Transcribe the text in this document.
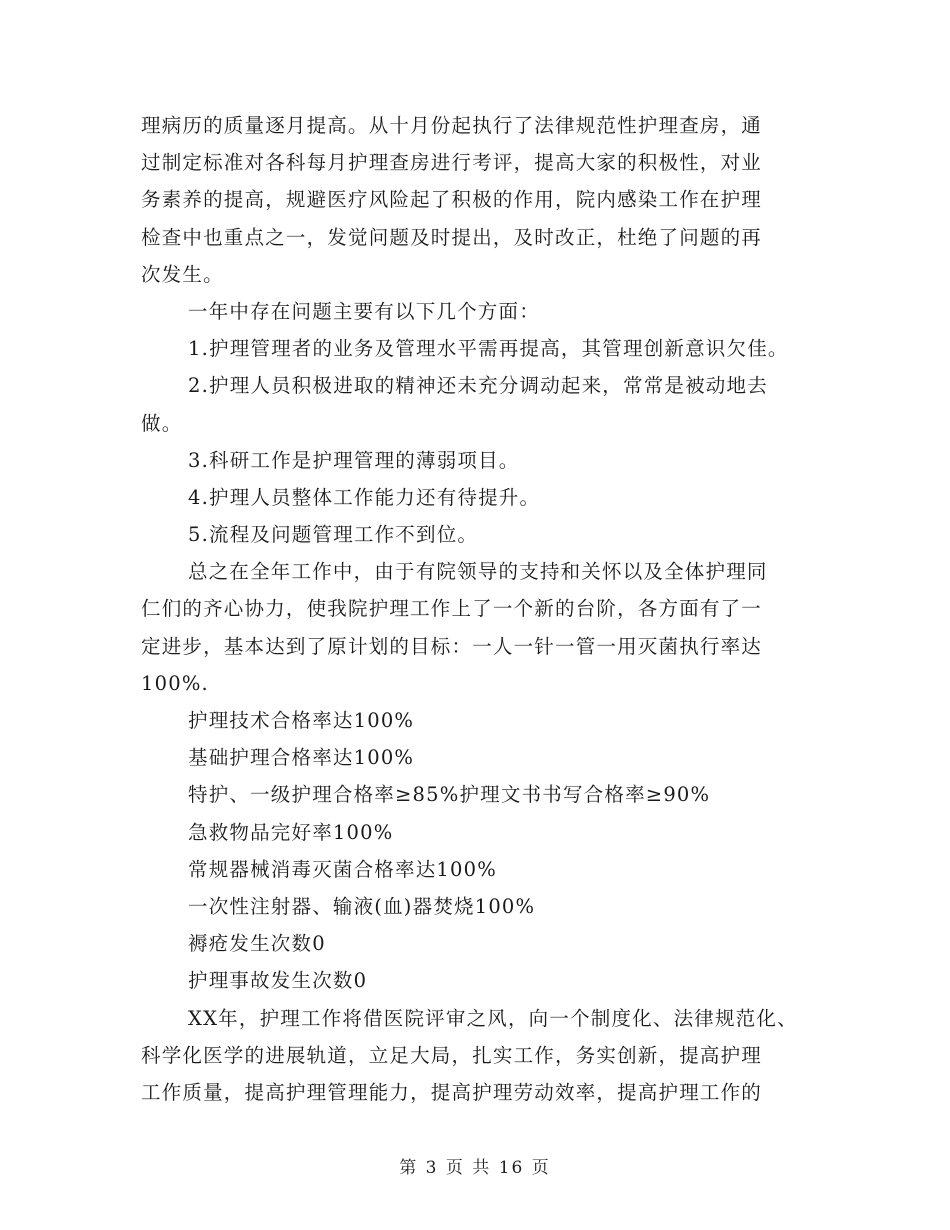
理病历的质量逐月提高。从十月份起执行了法律规范性护理查房，通
过制定标准对各科每月护理查房进行考评，提高大家的积极性，对业
务素养的提高，规避医疗风险起了积极的作用，院内感染工作在护理
检查中也重点之一，发觉问题及时提出，及时改正，杜绝了问题的再
次发生。
一年中存在问题主要有以下几个方面：
1.护理管理者的业务及管理水平需再提高，其管理创新意识欠佳。
2.护理人员积极进取的精神还未充分调动起来，常常是被动地去
做。
3.科研工作是护理管理的薄弱项目。
4.护理人员整体工作能力还有待提升。
5.流程及问题管理工作不到位。
总之在全年工作中，由于有院领导的支持和关怀以及全体护理同
仁们的齐心协力，使我院护理工作上了一个新的台阶，各方面有了一
定进步，基本达到了原计划的目标：一人一针一管一用灭菌执行率达
100%.
护理技术合格率达100%
基础护理合格率达100%
特护、一级护理合格率≥85%护理文书书写合格率≥90%
急救物品完好率100%
常规器械消毒灭菌合格率达100%
一次性注射器、输液(血)器焚烧100%
褥疮发生次数0
护理事故发生次数0
XX年，护理工作将借医院评审之风，向一个制度化、法律规范化、
科学化医学的进展轨道，立足大局，扎实工作，务实创新，提高护理
工作质量，提高护理管理能力，提高护理劳动效率，提高护理工作的
第 3 页 共 16 页
